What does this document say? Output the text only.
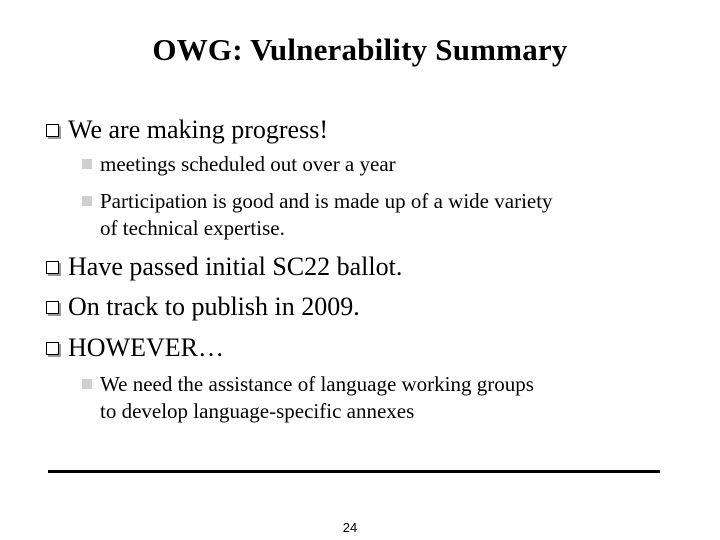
OWG: Vulnerability Summary
We are making progress!
meetings scheduled out over a year
Participation is good and is made up of a wide variety
of technical expertise.
Have passed initial SC22 ballot.
On track to publish in 2009.
HOWEVER…
We need the assistance of language working groups
to develop language-specific annexes
24
